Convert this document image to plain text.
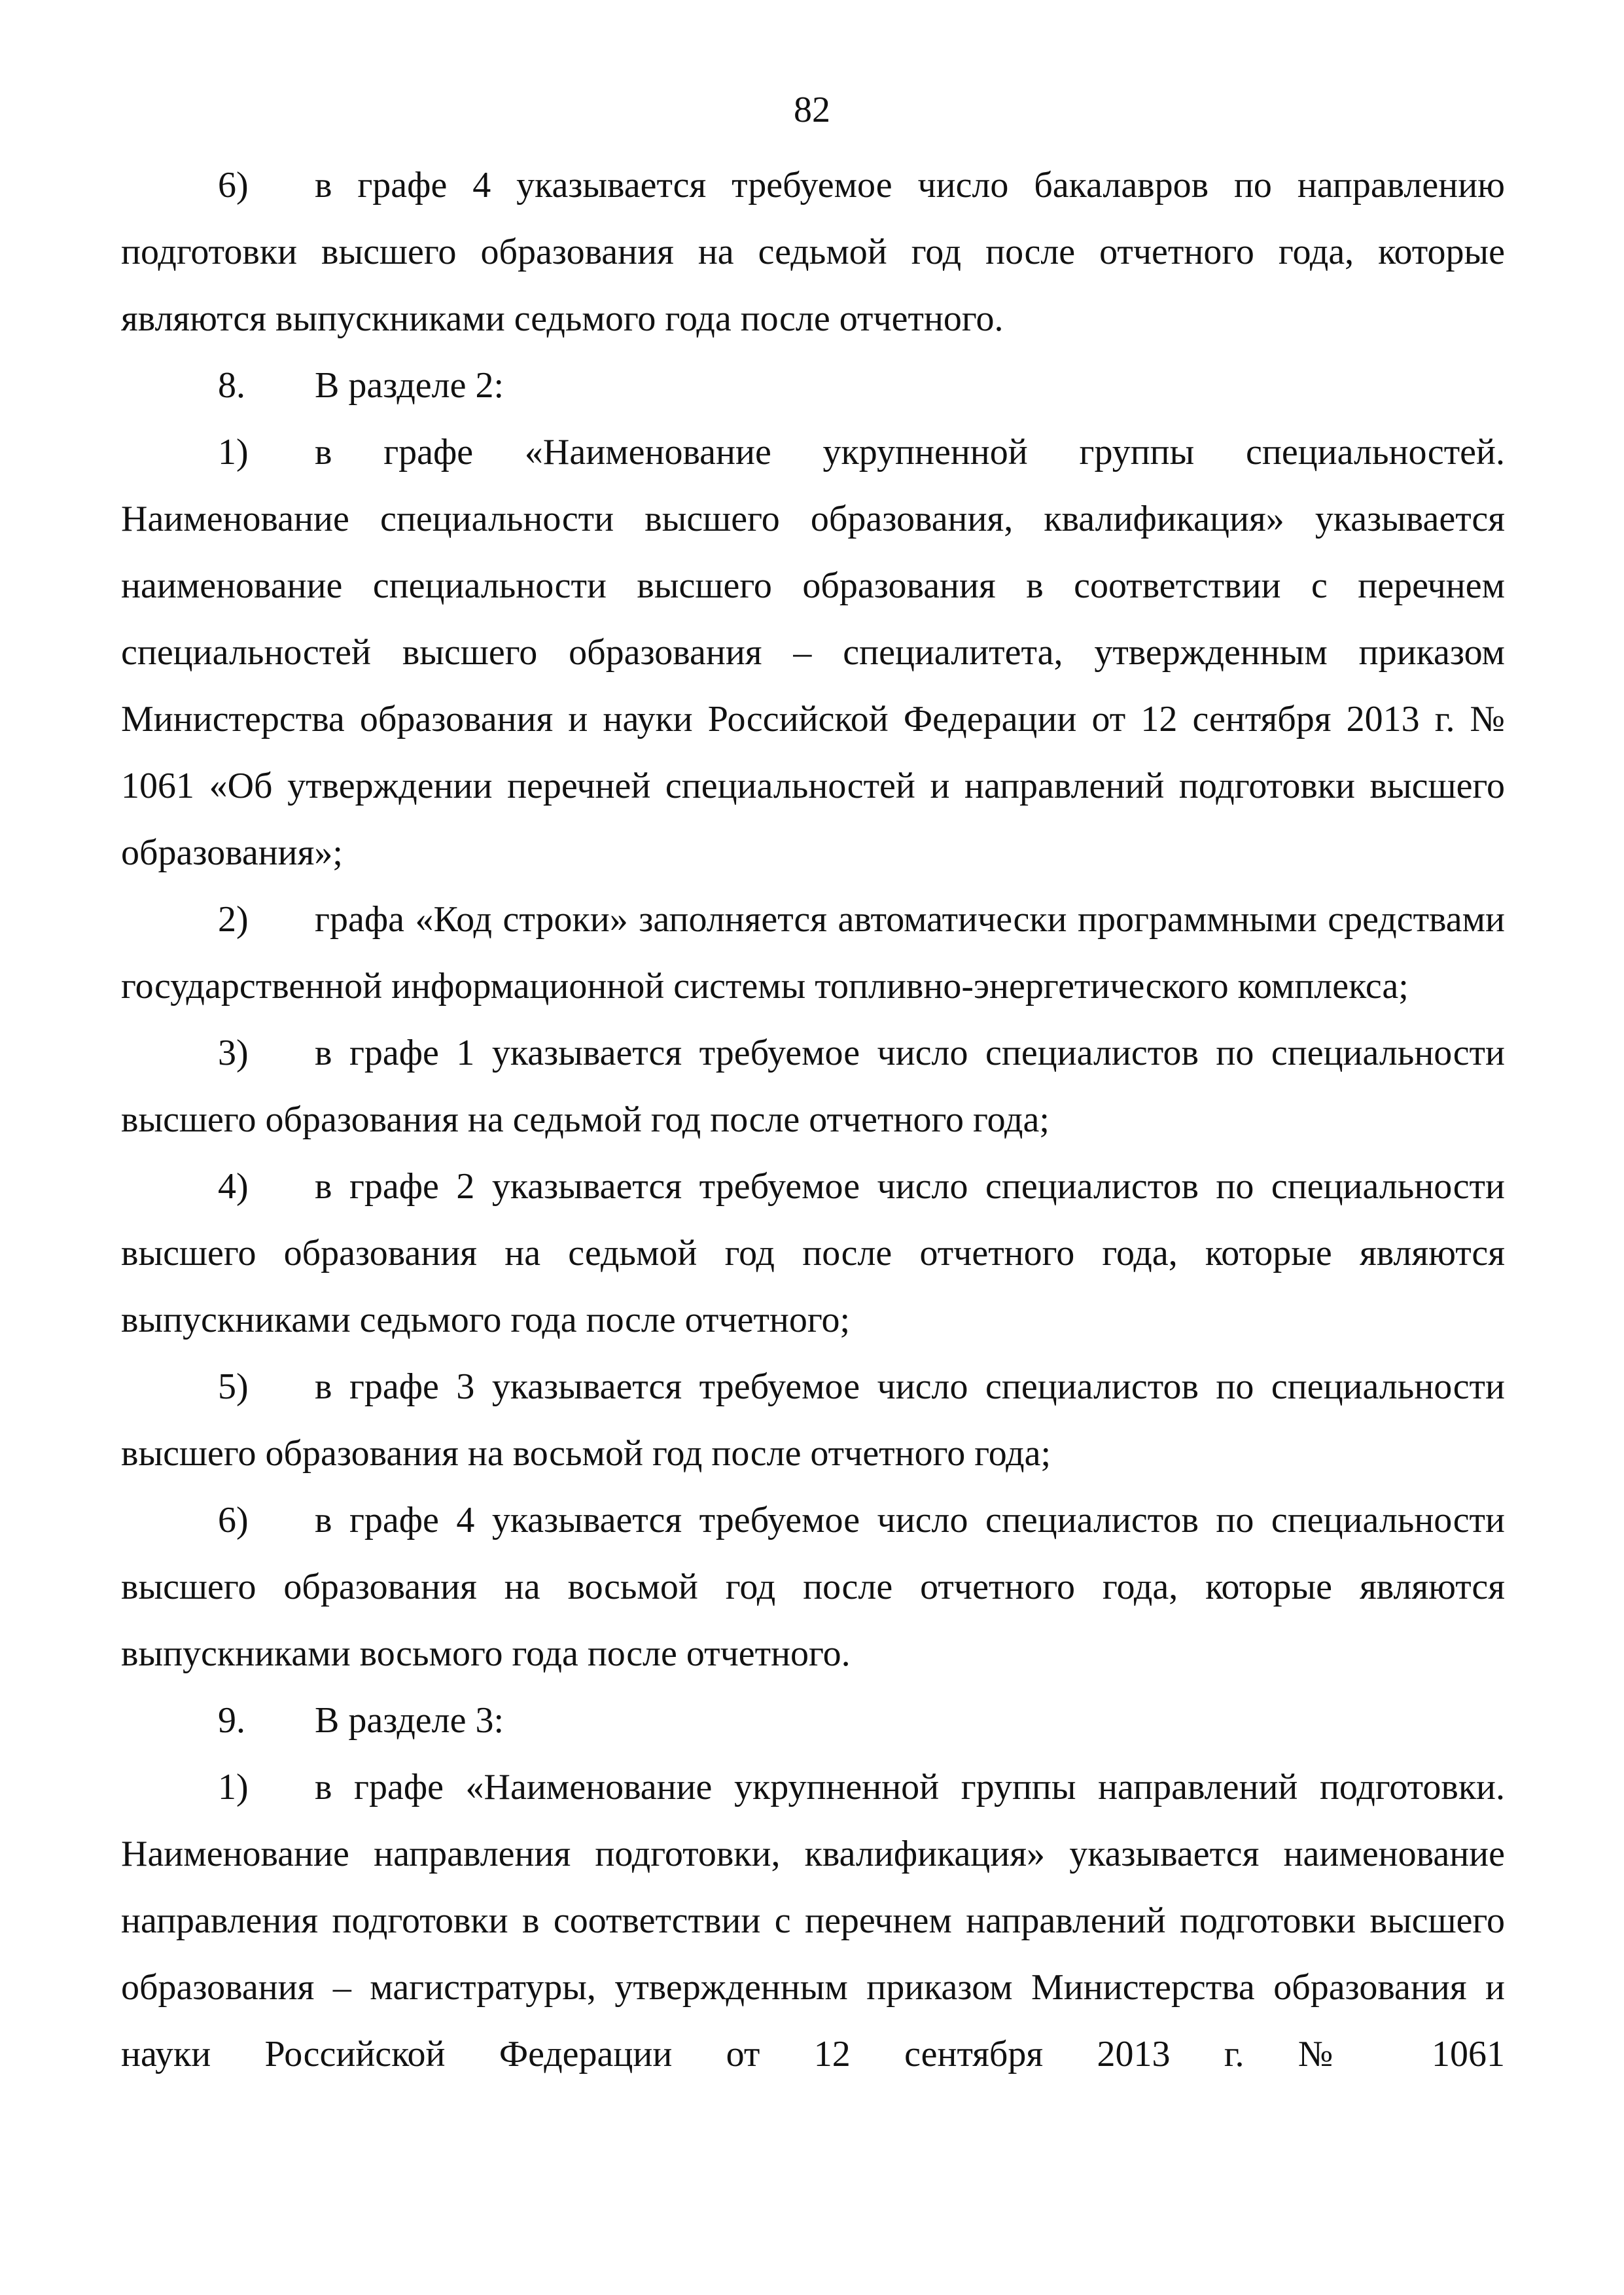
82

6) в графе 4 указывается требуемое число бакалавров по направлению подготовки высшего образования на седьмой год после отчетного года, которые являются выпускниками седьмого года после отчетного.

8. В разделе 2:

1) в графе «Наименование укрупненной группы специальностей. Наименование специальности высшего образования, квалификация» указывается наименование специальности высшего образования в соответствии с перечнем специальностей высшего образования – специалитета, утвержденным приказом Министерства образования и науки Российской Федерации от 12 сентября 2013 г. № 1061 «Об утверждении перечней специальностей и направлений подготовки высшего образования»;

2) графа «Код строки» заполняется автоматически программными средствами государственной информационной системы топливно-энергетического комплекса;

3) в графе 1 указывается требуемое число специалистов по специальности высшего образования на седьмой год после отчетного года;

4) в графе 2 указывается требуемое число специалистов по специальности высшего образования на седьмой год после отчетного года, которые являются выпускниками седьмого года после отчетного;

5) в графе 3 указывается требуемое число специалистов по специальности высшего образования на восьмой год после отчетного года;

6) в графе 4 указывается требуемое число специалистов по специальности высшего образования на восьмой год после отчетного года, которые являются выпускниками восьмого года после отчетного.

9. В разделе 3:

1) в графе «Наименование укрупненной группы направлений подготовки. Наименование направления подготовки, квалификация» указывается наименование направления подготовки в соответствии с перечнем направлений подготовки высшего образования – магистратуры, утвержденным приказом Министерства образования и науки Российской Федерации от 12 сентября 2013 г. № 1061
